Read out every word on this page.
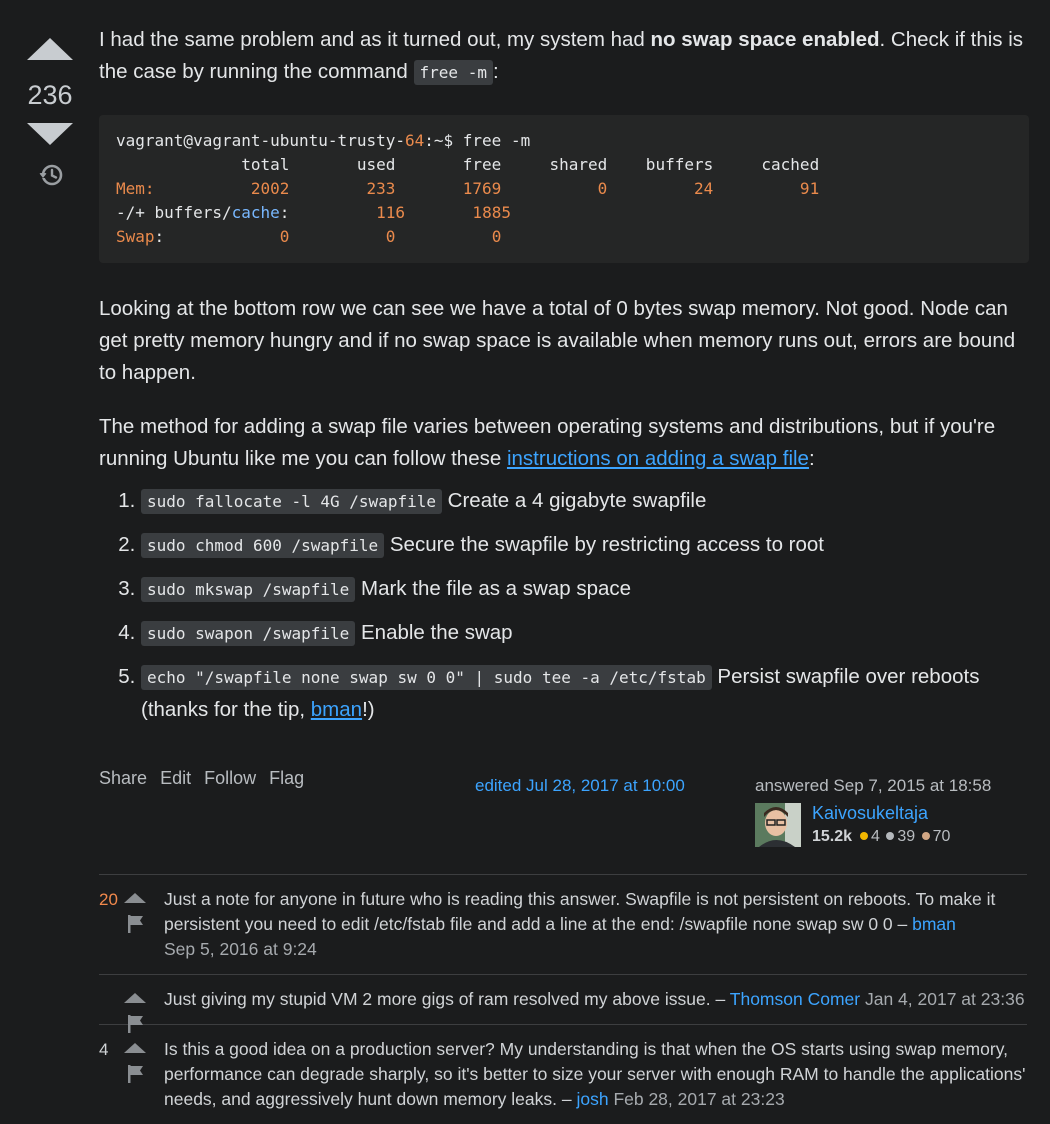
236

I had the same problem and as it turned out, my system had no swap space enabled. Check if this is the case by running the command free -m :

vagrant@vagrant-ubuntu-trusty-64:~$ free -m
total       used       free     shared    buffers     cached
Mem:          2002        233       1769          0         24         91
-/+ buffers/cache:         116       1885
Swap:            0          0          0

Looking at the bottom row we can see we have a total of 0 bytes swap memory. Not good. Node can get pretty memory hungry and if no swap space is available when memory runs out, errors are bound to happen.

The method for adding a swap file varies between operating systems and distributions, but if you're running Ubuntu like me you can follow these instructions on adding a swap file:

1. sudo fallocate -l 4G /swapfile Create a 4 gigabyte swapfile
2. sudo chmod 600 /swapfile Secure the swapfile by restricting access to root
3. sudo mkswap /swapfile Mark the file as a swap space
4. sudo swapon /swapfile Enable the swap
5. echo "/swapfile none swap sw 0 0" | sudo tee -a /etc/fstab Persist swapfile over reboots (thanks for the tip, bman!)
Share Edit Follow Flag	edited Jul 28, 2017 at 10:00	answered Sep 7, 2015 at 18:58
Kaivosukeltaja
15.2k 4 39 70
20	Just a note for anyone in future who is reading this answer. Swapfile is not persistent on reboots. To make it persistent you need to edit /etc/fstab file and add a line at the end: /swapfile none swap sw 0 0 – bman
Sep 5, 2016 at 9:24
Just giving my stupid VM 2 more gigs of ram resolved my above issue. – Thomson Comer Jan 4, 2017 at 23:36
4	Is this a good idea on a production server? My understanding is that when the OS starts using swap memory, performance can degrade sharply, so it's better to size your server with enough RAM to handle the applications' needs, and aggressively hunt down memory leaks. – josh Feb 28, 2017 at 23:23
